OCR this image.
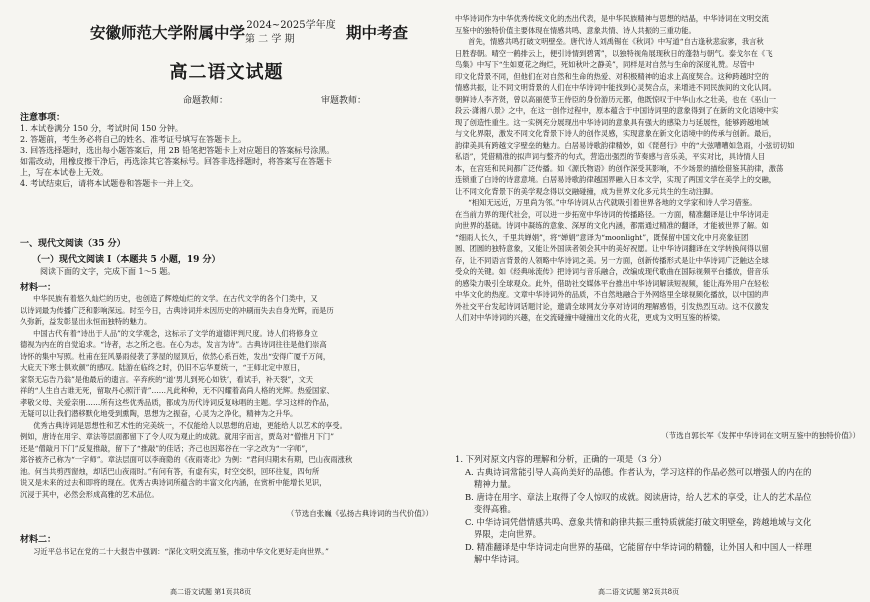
安徽师范大学附属中学 2024~2025学年度
第 二 学 期	期中考查
高二语文试题
命题教师：	审题教师：
注意事项：
1. 本试卷满分 150 分，考试时间 150 分钟。
2. 答题前，考生务必将自己的姓名、准考证号填写在答题卡上。
3. 回答选择题时，选出每小题答案后，用 2B 铅笔把答题卡上对应题目的答案标号涂黑。
如需改动，用橡皮擦干净后，再选涂其它答案标号。回答非选择题时，将答案写在答题卡
上，写在本试卷上无效。
4. 考试结束后，请将本试题卷和答题卡一并上交。
一、现代文阅读（35 分）
（一）现代文阅读 I（本题共 5 小题，19 分）
阅读下面的文字，完成下面 1～5 题。
材料一：

中华民族有着悠久灿烂的历史，也创造了辉煌灿烂的文学。在古代文学的各个门类中，又

以诗词最为传播广泛和影响深远。时至今日，古典诗词并未因历史的冲刷而失去自身光辉，而是历

久弥新，益发彰显出永恒而独特的魅力。

中国古代有着“诗出于人品”的文学观念，这标示了文学的道德评判尺度。诗人们将修身立

德视为内在的自觉追求。“诗者，志之所之也。在心为志，发言为诗”。古典诗词往往是他们崇高

诗怀的集中写照。杜甫在狂风暴雨侵袭了茅屋的屋顶后，依然心系百姓，发出“安得广厦千万间，

大庇天下寒士俱欢颜”的感叹。陆游在临终之时，仍旧不忘华夏统一，“王师北定中原日，

家祭无忘告乃翁”是他最后的遗言。辛弃疾的“道‘男儿到死心如铁’，看试手，补天裂”，文天

祥的“人生自古谁无死，留取丹心照汗青”……凡此种种，无不闪耀着高尚人格的光辉。热爱国家、

孝敬父母、关爱亲朋……所有这些优秀品质，都成为历代诗词反复咏唱的主题。学习这样的作品，

无疑可以让我们潜移默化地受到熏陶，思想为之振奋，心灵为之净化，精神为之升华。

优秀古典诗词是思想性和艺术性的完美统一，不仅能给人以思想的启迪，更能给人以艺术的享受。

例如，唐诗在用字、章法等层面都留下了令人叹为观止的成就。就用字而言，贾岛对“僧推月下门”

还是“僧敲月下门”反复推敲，留下了“推敲”的佳话；齐己也因郑谷在一字之改为“一字师”，

郑谷被齐己称为“一字师”。章法层面可以李商隐的《夜雨寄北》为例：“君问归期未有期，巴山夜雨涨秋

池。何当共剪西窗烛，却话巴山夜雨时。”有问有答，有虚有实，时空交织，回环往复，四句所

说又是未来的过去和即将的现在。优秀古典诗词所蕴含的丰富文化内涵，在赏析中能增长见识，

沉浸于其中，必然会形成高雅的艺术品位。

（节选自张巍《弘扬古典诗词的当代价值》）
材料二：

习近平总书记在党的二十大报告中强调：“深化文明交流互鉴，推动中华文化更好走向世界。”

高二语文试题 第1页共8页

中华诗词作为中华优秀传统文化的杰出代表，是中华民族精神与思想的结晶，中华诗词在文明交流

互鉴中的独特价值主要体现在情感共鸣、意象共情、诗人共振的三重功能。

首先，情感共鸣打破文明壁垒。唐代诗人刘禹锡在《秋词》中写道“自古逢秋悲寂寥，我言秋

日胜春朝。晴空一鹤排云上，便引诗情到碧霄”，以独特视角展现秋日的蓬勃与朝气。泰戈尔在《飞

鸟集》中写下“生如夏花之绚烂，死如秋叶之静美”，同样是对自然与生命的深度礼赞。尽管中

印文化背景不同，但他们在对自然和生命的热爱、对积极精神的追求上高度契合。这种跨越时空的

情感共振，让不同文明背景的人们在中华诗词中能找到心灵契合点，来增进不同民族间的文化认同。

朝鲜诗人李齐贤，曾以高丽使节王侍臣的身份游历元都，他既惊叹于中华山水之壮美，也在《巫山一

段云·潇湘八景》之中，在这一创作过程中，原本蕴含于中国诗词里的意象得到了在新的文化语境中实

现了创造性重生。这一实例充分展现出中华诗词的意象具有强大的感染力与延展性，能够跨越地域

与文化界限，激发不同文化背景下诗人的创作灵感，实现意象在新文化语境中的传承与创新。最后，

韵律美具有跨越文字壁垒的魅力。白居易诗歌韵律精妙，如《琵琶行》中的“大弦嘈嘈如急雨，小弦切切如

私语”，凭借精准的拟声词与整齐的句式，营造出强烈的节奏感与音乐美，平实对比，具诗情人目

本，在宫廷和民间都广泛传播。如《源氏物语》的创作深受其影响，不少场景的描绘借鉴其韵律，激荡

连锁重了白诗的诗意意境。白居易诗歌韵律越国界融入日本文学，实现了两国文学在美学上的交融，

让不同文化背景下的美学观念得以交融碰撞，成为世界文化多元共生的生动注脚。

“相知无远近，万里尚为邻。”中华诗词从古代就吸引着世界各地的文学家和诗人学习借鉴。

在当前力界的现代社会，可以进一步拓宽中华诗词的传播路径。一方面，精准翻译是让中华诗词走

向世界的基础。诗词中凝练的意象、深厚的文化内涵，都需通过精准的翻译，才能被世界了解。如

“细雨人长久，千里共婵娟”，将“婵娟”意译为“moonlight”，既保留中国文化中月亮象征团

圆、团圆的独特意象，又能让外国读者领会其中的美好祝愿。让中华诗词翻译在文学转换间得以留

存，让不同语言背景的人领略中华诗词之美。另一方面，创新传播形式是让中华诗词广泛触达全球

受众的关键。如《经典咏流传》把诗词与音乐融合，改编成现代歌曲在国际视频平台播放，借音乐

的感染力吸引全球观众。此外，借助社交媒体平台推出中华诗词解读短视频，能让海外用户在轻松

中华文化的热度。文章中华诗词外的品质，不自然地融合于外网络里全球视频化播放，以中国的声

外社交平台发起诗词话题讨论，邀请全球网友分享对诗词的理解感悟，引发热烈互动。这不仅激发

人们对中华诗词的兴趣，在交流碰撞中碰撞出文化的火花，更成为文明互鉴的桥梁。

（节选自郭长军《发挥中华诗词在文明互鉴中的独特价值》）
1. 下列对原文内容的理解和分析，正确的一项是（3 分）
A. 古典诗词常能引导人高尚美好的品德。作者认为，学习这样的作品必然可以增强人的内在的
精神力量。
B. 唐诗在用字、章法上取得了令人惊叹的成就。阅读唐诗，给人艺术的享受，让人的艺术品位
变得高雅。
C. 中华诗词凭借情感共鸣、意象共情和韵律共振三重特质就能打破文明壁垒，跨越地域与文化
界限，走向世界。
D. 精准翻译是中华诗词走向世界的基础，它能留存中华诗词的精髓，让外国人和中国人一样理
解中华诗词。
高二语文试题 第2页共8页
